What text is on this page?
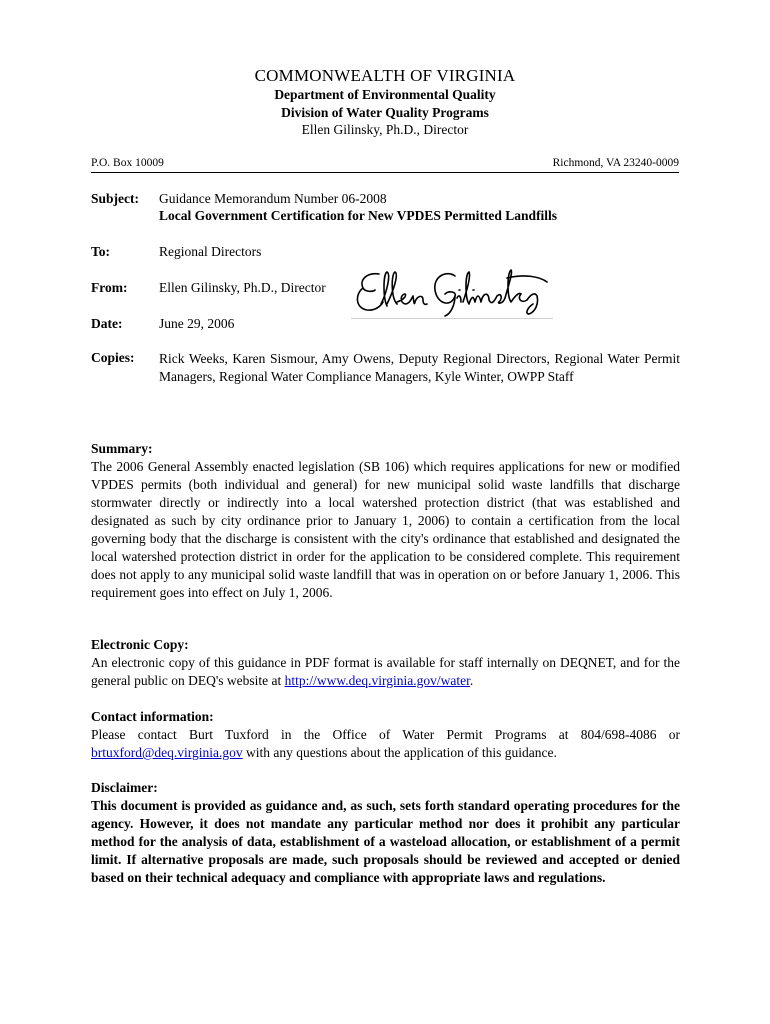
COMMONWEALTH OF VIRGINIA
Department of Environmental Quality
Division of Water Quality Programs
Ellen Gilinsky, Ph.D., Director
P.O. Box 10009	Richmond, VA 23240-0009
Subject: Guidance Memorandum Number 06-2008
Local Government Certification for New VPDES Permitted Landfills
To:	Regional Directors
From: Ellen Gilinsky, Ph.D., Director
Date:	June 29, 2006
Copies: Rick Weeks, Karen Sismour, Amy Owens, Deputy Regional Directors, Regional Water Permit Managers, Regional Water Compliance Managers, Kyle Winter, OWPP Staff
Summary:
The 2006 General Assembly enacted legislation (SB 106) which requires applications for new or modified VPDES permits (both individual and general) for new municipal solid waste landfills that discharge stormwater directly or indirectly into a local watershed protection district (that was established and designated as such by city ordinance prior to January 1, 2006) to contain a certification from the local governing body that the discharge is consistent with the city's ordinance that established and designated the local watershed protection district in order for the application to be considered complete. This requirement does not apply to any municipal solid waste landfill that was in operation on or before January 1, 2006. This requirement goes into effect on July 1, 2006.
Electronic Copy:
An electronic copy of this guidance in PDF format is available for staff internally on DEQNET, and for the general public on DEQ's website at http://www.deq.virginia.gov/water.
Contact information:
Please contact Burt Tuxford in the Office of Water Permit Programs at 804/698-4086 or brtuxford@deq.virginia.gov with any questions about the application of this guidance.
Disclaimer:
This document is provided as guidance and, as such, sets forth standard operating procedures for the agency. However, it does not mandate any particular method nor does it prohibit any particular method for the analysis of data, establishment of a wasteload allocation, or establishment of a permit limit. If alternative proposals are made, such proposals should be reviewed and accepted or denied based on their technical adequacy and compliance with appropriate laws and regulations.
